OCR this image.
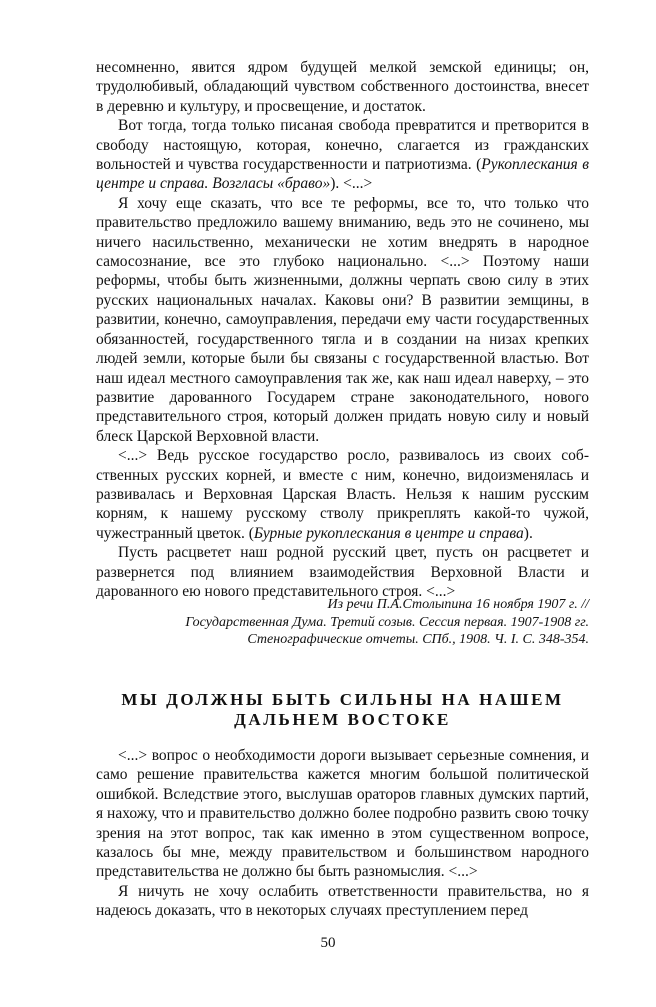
несомненно, явится ядром будущей мелкой земской единицы; он, трудолюбивый, обладающий чувством собственного достоинства, внесет в деревню и культуру, и просвещение, и достаток.

Вот тогда, тогда только писаная свобода превратится и претворится в свободу настоящую, которая, конечно, слагается из гражданских вольностей и чувства государственности и патриотизма. (Рукоплескания в центре и справа. Возгласы «браво»). <...>

Я хочу еще сказать, что все те реформы, все то, что только что правительство предложило вашему вниманию, ведь это не сочинено, мы ничего насильственно, механически не хотим внедрять в народное самосознание, все это глубоко национально. <...> Поэтому наши реформы, чтобы быть жизненными, должны черпать свою силу в этих русских национальных началах. Каковы они? В развитии земщины, в развитии, конечно, самоуправления, передачи ему части государственных обязанностей, государственного тягла и в создании на низах крепких людей земли, которые были бы связаны с государственной властью. Вот наш идеал местного самоуправления так же, как наш идеал наверху, – это развитие дарованного Государем стране законодательного, нового представительного строя, который должен придать новую силу и новый блеск Царской Верховной власти.

<...> Ведь русское государство росло, развивалось из своих собственных русских корней, и вместе с ним, конечно, видоизменялась и развивалась и Верховная Царская Власть. Нельзя к нашим русским корням, к нашему русскому стволу прикреплять какой-то чужой, чужестранный цветок. (Бурные рукоплескания в центре и справа).

Пусть расцветет наш родной русский цвет, пусть он расцветет и развернется под влиянием взаимодействия Верховной Власти и дарованного ею нового представительного строя. <...>

Из речи П.А.Столыпина 16 ноября 1907 г. //
Государственная Дума. Третий созыв. Сессия первая. 1907-1908 гг.
Стенографические отчеты. СПб., 1908. Ч. I. С. 348-354.
МЫ ДОЛЖНЫ БЫТЬ СИЛЬНЫ НА НАШЕМ
ДАЛЬНЕМ ВОСТОКЕ

<...> вопрос о необходимости дороги вызывает серьезные сомнения, и само решение правительства кажется многим большой политической ошибкой. Вследствие этого, выслушав ораторов главных думских партий, я нахожу, что и правительство должно более подробно развить свою точку зрения на этот вопрос, так как именно в этом существенном вопросе, казалось бы мне, между правительством и большинством народного представительства не должно бы быть разномыслия. <...>

Я ничуть не хочу ослабить ответственности правительства, но я надеюсь доказать, что в некоторых случаях преступлением перед

50
